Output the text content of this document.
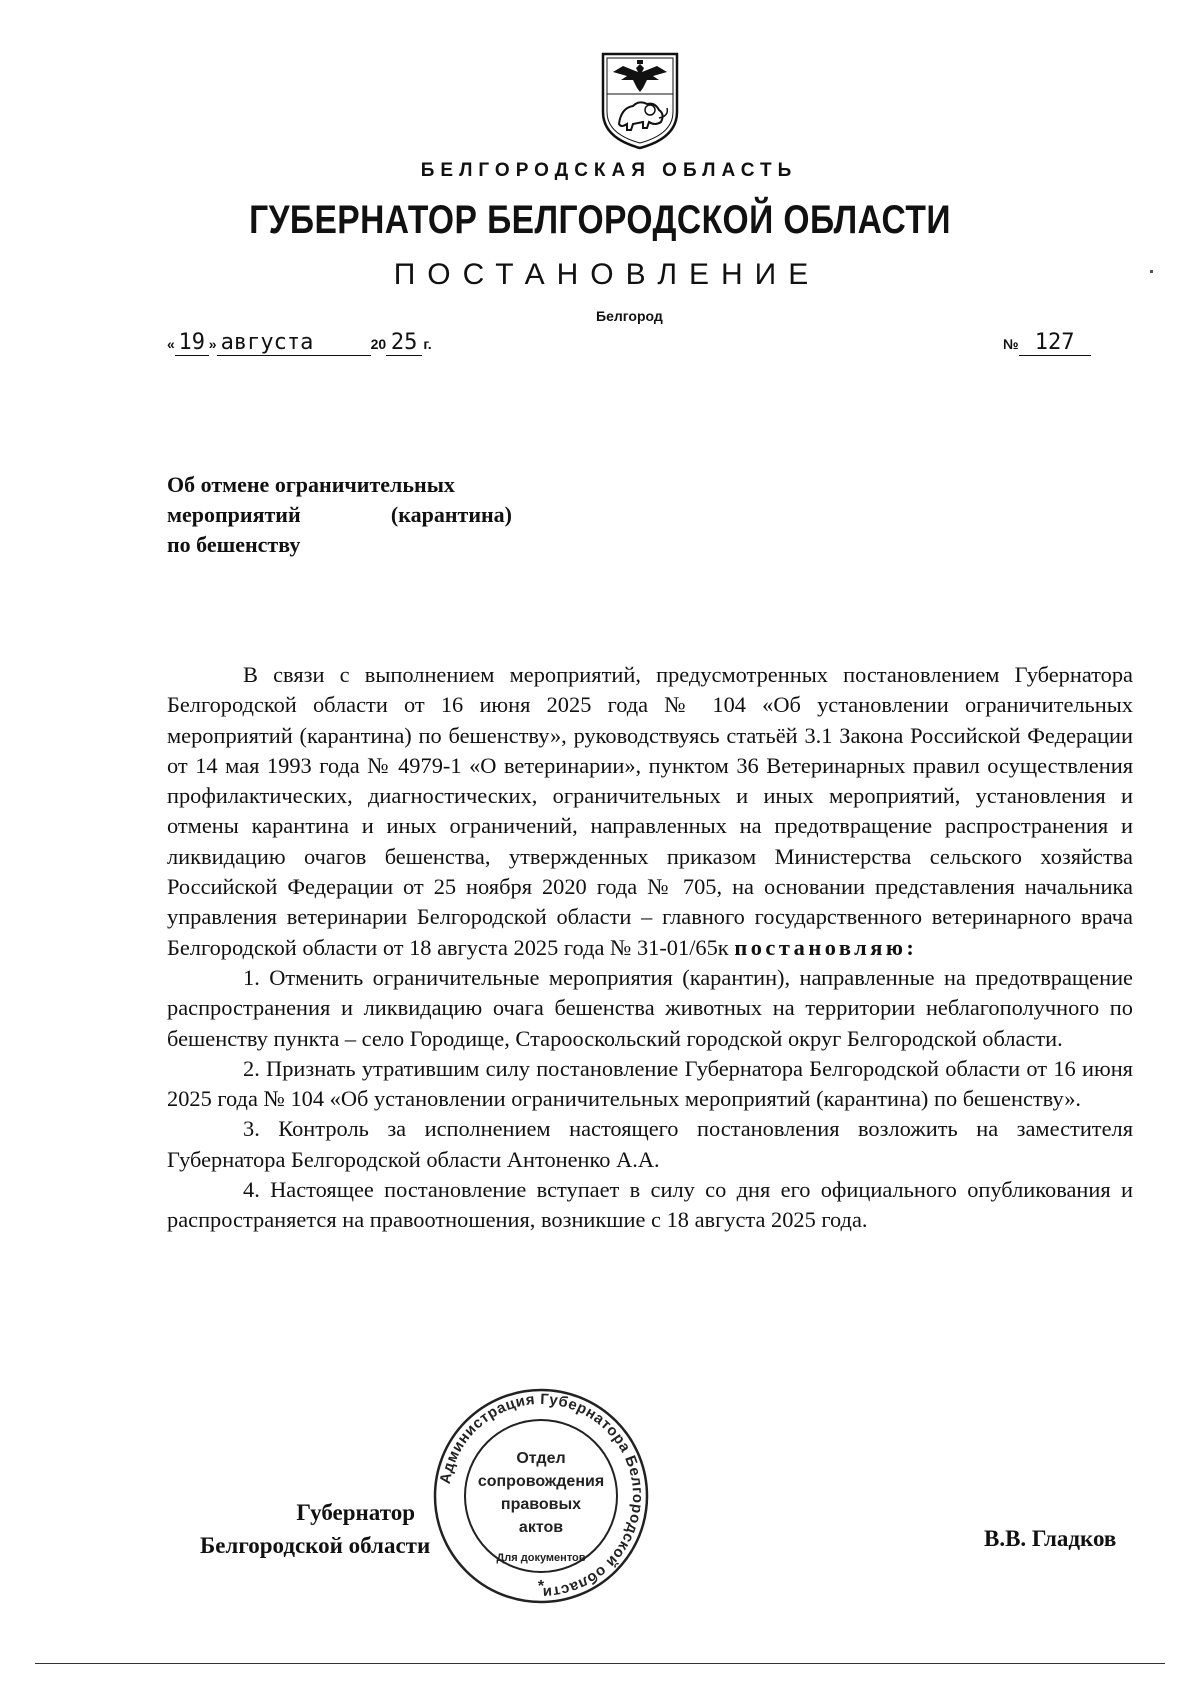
БЕЛГОРОДСКАЯ ОБЛАСТЬ
ГУБЕРНАТОР БЕЛГОРОДСКОЙ ОБЛАСТИ
ПОСТАНОВЛЕНИЕ
Белгород
« 19 » августа	20 25  г.	№ 127

Об отмене ограничительных

мероприятий (карантина)

по бешенству

В связи с выполнением мероприятий, предусмотренных постановлением Губернатора Белгородской области от 16 июня 2025 года № 104 «Об установлении ограничительных мероприятий (карантина) по бешенству», руководствуясь статьёй 3.1 Закона Российской Федерации от 14 мая 1993 года № 4979-1 «О ветеринарии», пунктом 36 Ветеринарных правил осуществления профилактических, диагностических, ограничительных и иных мероприятий, установления и отмены карантина и иных ограничений, направленных на предотвращение распространения и ликвидацию очагов бешенства, утвержденных приказом Министерства сельского хозяйства Российской Федерации от 25 ноября 2020 года № 705, на основании представления начальника управления ветеринарии Белгородской области – главного государственного ветеринарного врача Белгородской области от 18 августа 2025 года № 31-01/65к постановляю:

1. Отменить ограничительные мероприятия (карантин), направленные на предотвращение распространения и ликвидацию очага бешенства животных на территории неблагополучного по бешенству пункта – село Городище, Старооскольский городской округ Белгородской области.

2. Признать утратившим силу постановление Губернатора Белгородской области от 16 июня 2025 года № 104 «Об установлении ограничительных мероприятий (карантина) по бешенству».

3. Контроль за исполнением настоящего постановления возложить на заместителя Губернатора Белгородской области Антоненко А.А.

4. Настоящее постановление вступает в силу со дня его официального опубликования и распространяется на правоотношения, возникшие с 18 августа 2025 года.

Губернатор
Белгородской области	В.В. Гладков
Администрация Губернатора Белгородской области
Отдел
сопровождения
правовых
актов
Для документов
*
